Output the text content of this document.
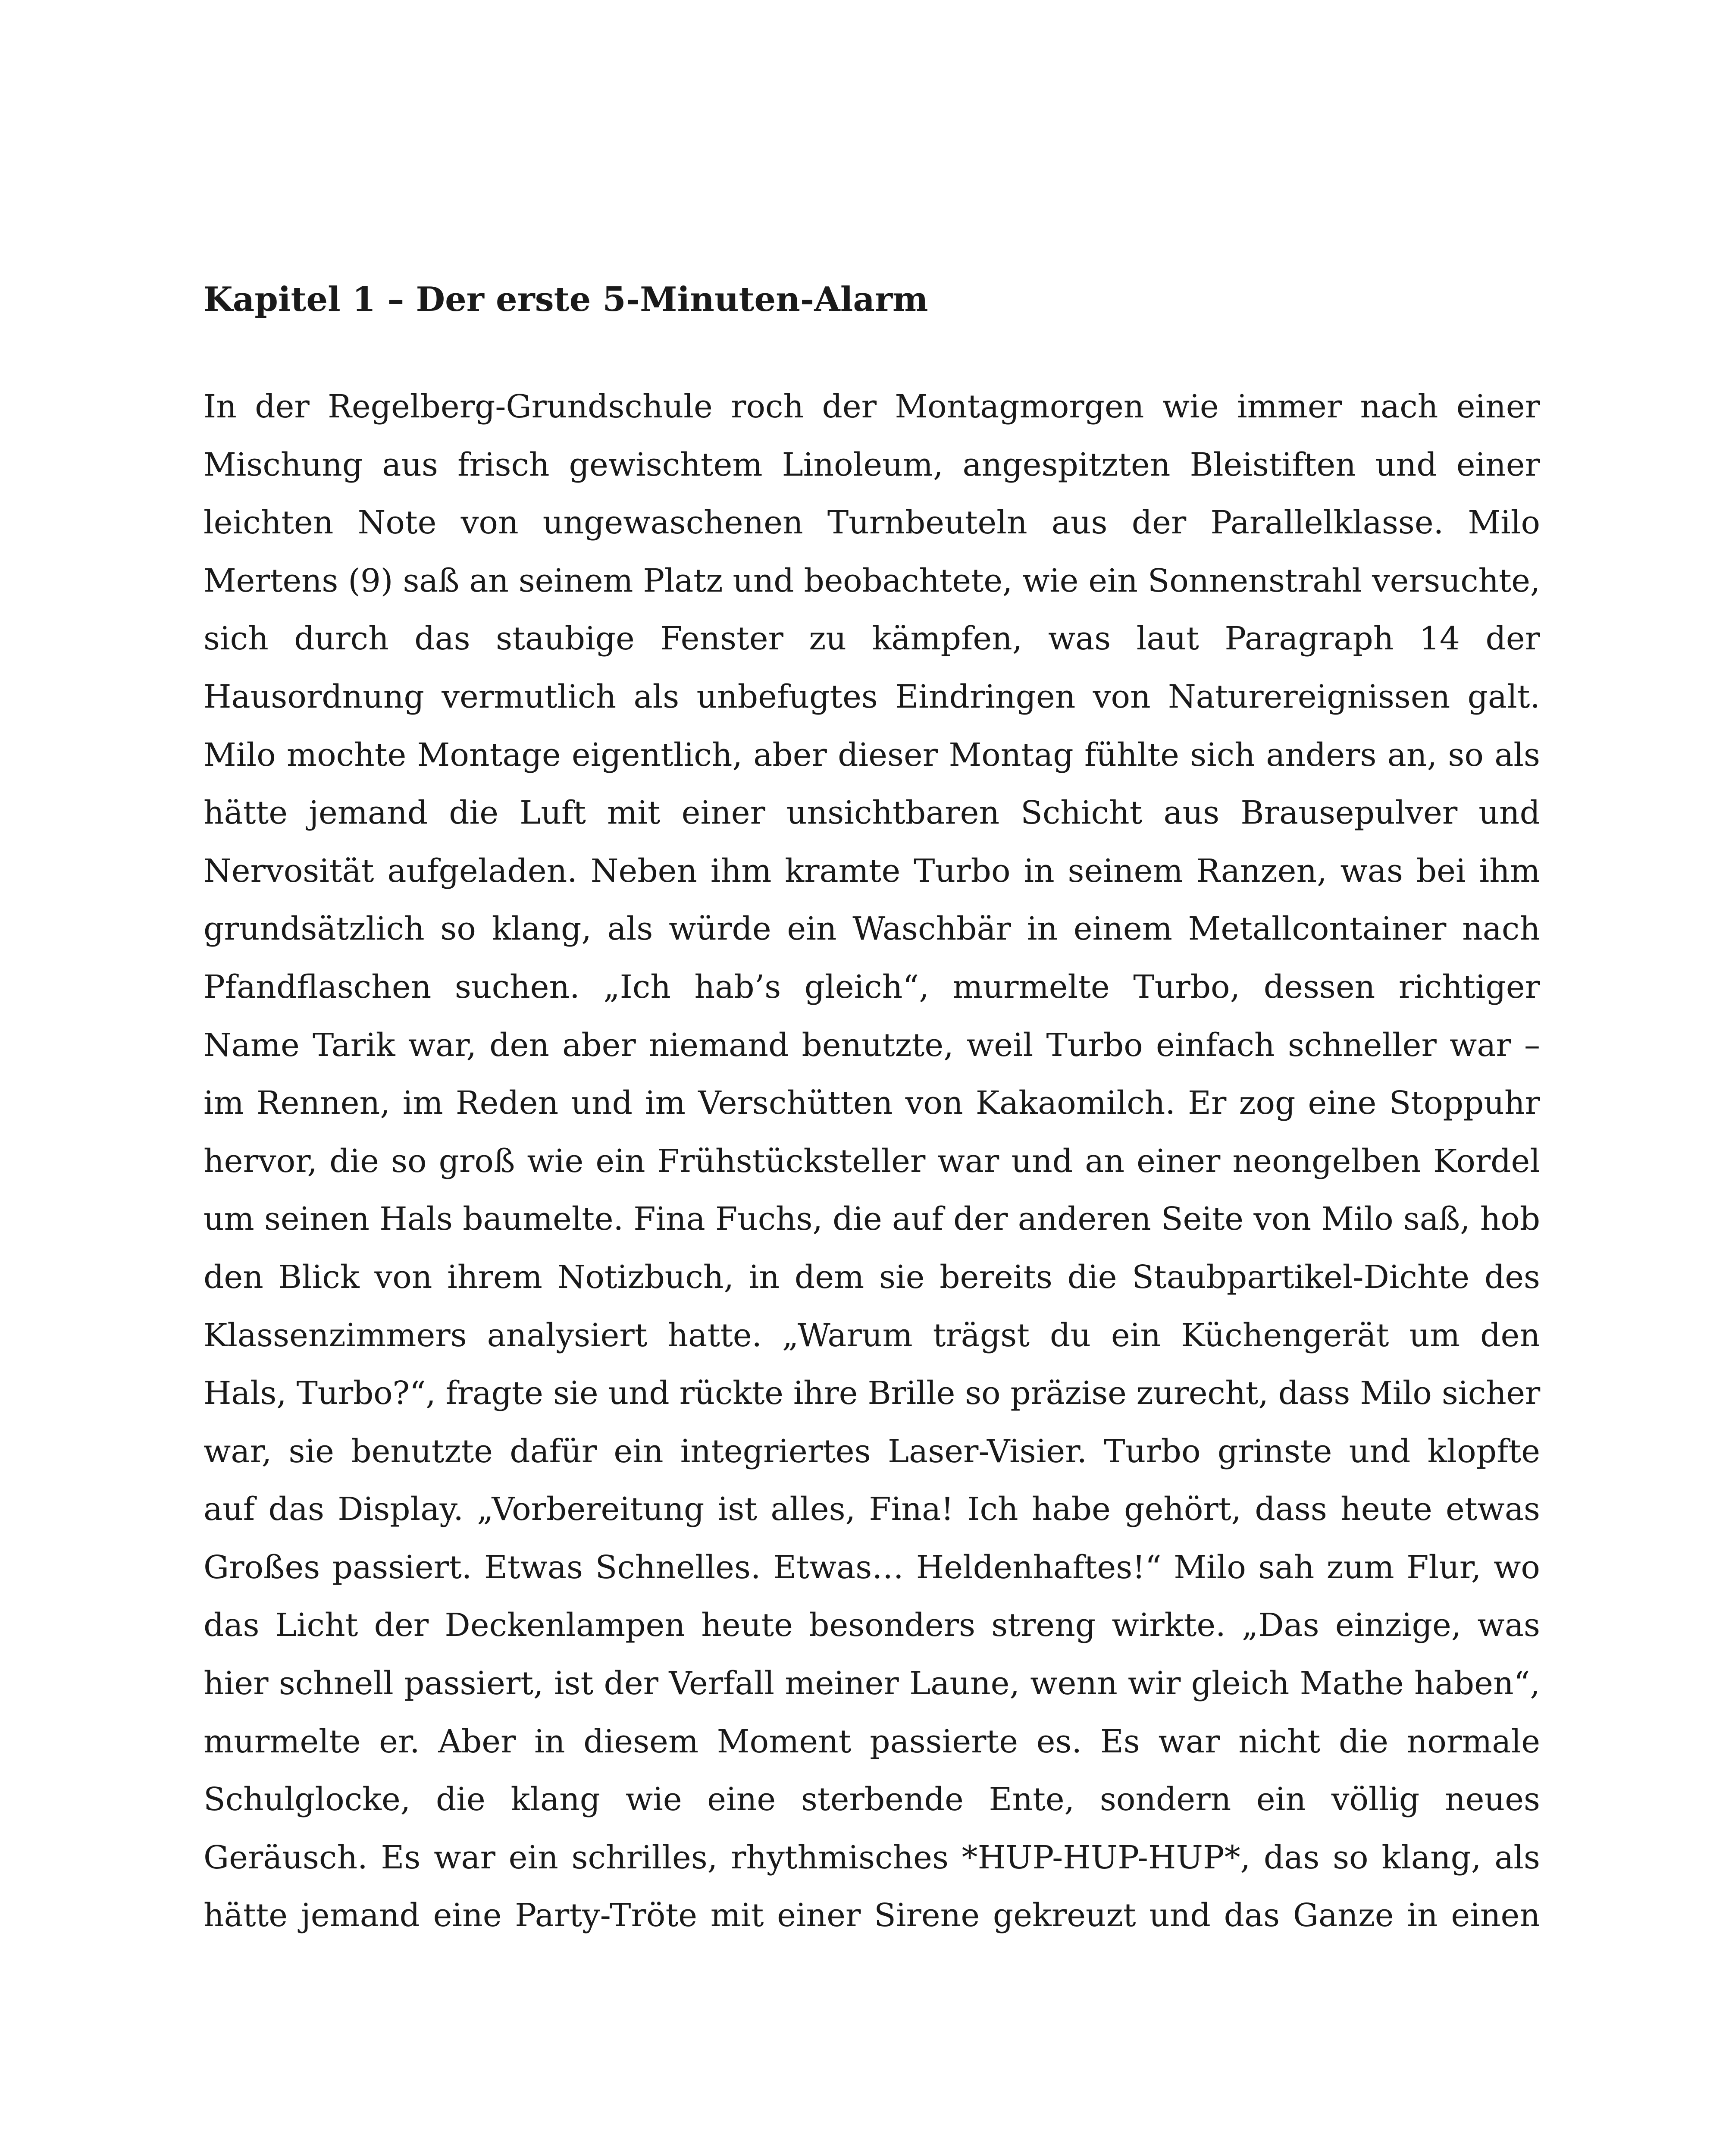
Kapitel 1 – Der erste 5-Minuten-Alarm
In der Regelberg-Grundschule roch der Montagmorgen wie immer nach einer
Mischung aus frisch gewischtem Linoleum, angespitzten Bleistiften und einer
leichten Note von ungewaschenen Turnbeuteln aus der Parallelklasse. Milo
Mertens (9) saß an seinem Platz und beobachtete, wie ein Sonnenstrahl versuchte,
sich durch das staubige Fenster zu kämpfen, was laut Paragraph 14 der
Hausordnung vermutlich als unbefugtes Eindringen von Naturereignissen galt.
Milo mochte Montage eigentlich, aber dieser Montag fühlte sich anders an, so als
hätte jemand die Luft mit einer unsichtbaren Schicht aus Brausepulver und
Nervosität aufgeladen. Neben ihm kramte Turbo in seinem Ranzen, was bei ihm
grundsätzlich so klang, als würde ein Waschbär in einem Metallcontainer nach
Pfandflaschen suchen. „Ich hab’s gleich“, murmelte Turbo, dessen richtiger
Name Tarik war, den aber niemand benutzte, weil Turbo einfach schneller war –
im Rennen, im Reden und im Verschütten von Kakaomilch. Er zog eine Stoppuhr
hervor, die so groß wie ein Frühstücksteller war und an einer neongelben Kordel
um seinen Hals baumelte. Fina Fuchs, die auf der anderen Seite von Milo saß, hob
den Blick von ihrem Notizbuch, in dem sie bereits die Staubpartikel-Dichte des
Klassenzimmers analysiert hatte. „Warum trägst du ein Küchengerät um den
Hals, Turbo?“, fragte sie und rückte ihre Brille so präzise zurecht, dass Milo sicher
war, sie benutzte dafür ein integriertes Laser-Visier. Turbo grinste und klopfte
auf das Display. „Vorbereitung ist alles, Fina! Ich habe gehört, dass heute etwas
Großes passiert. Etwas Schnelles. Etwas… Heldenhaftes!“ Milo sah zum Flur, wo
das Licht der Deckenlampen heute besonders streng wirkte. „Das einzige, was
hier schnell passiert, ist der Verfall meiner Laune, wenn wir gleich Mathe haben“,
murmelte er. Aber in diesem Moment passierte es. Es war nicht die normale
Schulglocke, die klang wie eine sterbende Ente, sondern ein völlig neues
Geräusch. Es war ein schrilles, rhythmisches *HUP-HUP-HUP*, das so klang, als
hätte jemand eine Party-Tröte mit einer Sirene gekreuzt und das Ganze in einen
